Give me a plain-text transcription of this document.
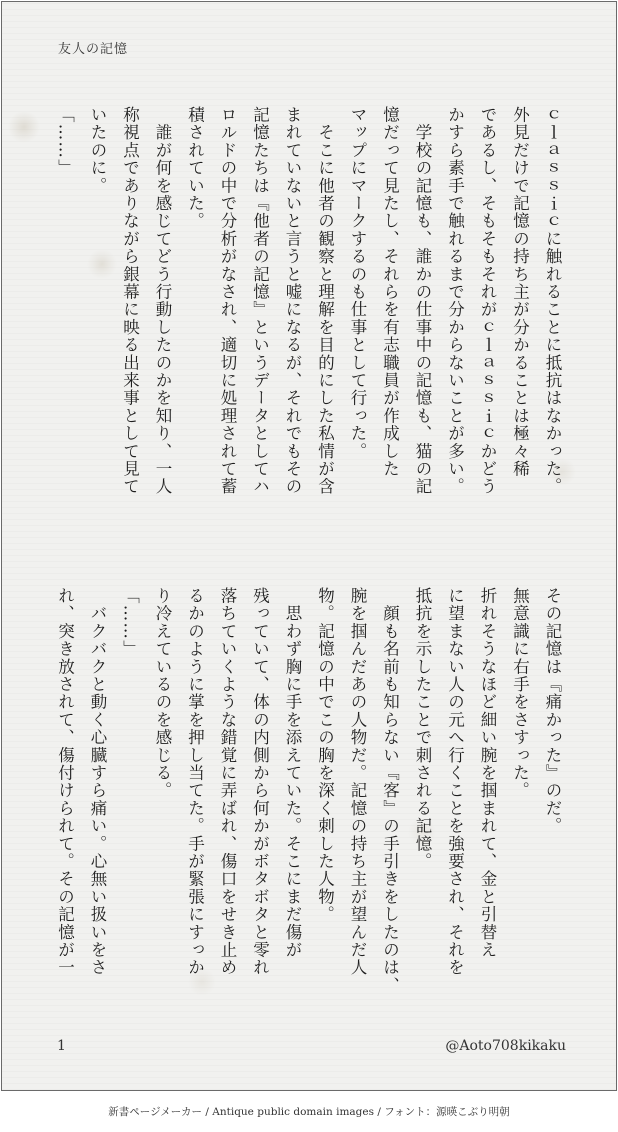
友人の記憶

ｃｌａｓｓｉｃに触れることに抵抗はなかった。

外見だけで記憶の持ち主が分かることは極々稀

であるし、そもそもそれがｃｌａｓｓｉｃかどう

かすら素手で触れるまで分からないことが多い。

　学校の記憶も、誰かの仕事中の記憶も、猫の記

憶だって見たし、それらを有志職員が作成した

マップにマークするのも仕事として行った。

　そこに他者の観察と理解を目的にした私情が含

まれていないと言うと嘘になるが、それでもその

記憶たちは『他者の記憶』というデータとしてハ

ロルドの中で分析がなされ、適切に処理されて蓄

積されていた。

　誰が何を感じてどう行動したのかを知り、一人

称視点でありながら銀幕に映る出来事として見て

いたのに。

「……」

その記憶は『痛かった』のだ。

無意識に右手をさすった。

折れそうなほど細い腕を掴まれて、金と引替え

に望まない人の元へ行くことを強要され、それを

抵抗を示したことで刺される記憶。

　顔も名前も知らない『客』の手引きをしたのは、

腕を掴んだあの人物だ。記憶の持ち主が望んだ人

物。記憶の中でこの胸を深く刺した人物。

　思わず胸に手を添えていた。そこにまだ傷が

残っていて、体の内側から何かがボタボタと零れ

落ちていくような錯覚に弄ばれ、傷口をせき止め

るかのように掌を押し当てた。手が緊張にすっか

り冷えているのを感じる。

「……」

　バクバクと動く心臓すら痛い。心無い扱いをさ

れ、突き放されて、傷付けられて。その記憶が一

1	@Aoto708kikaku
新書ページメーカー / Antique public domain images / フォント：源暎こぶり明朝
